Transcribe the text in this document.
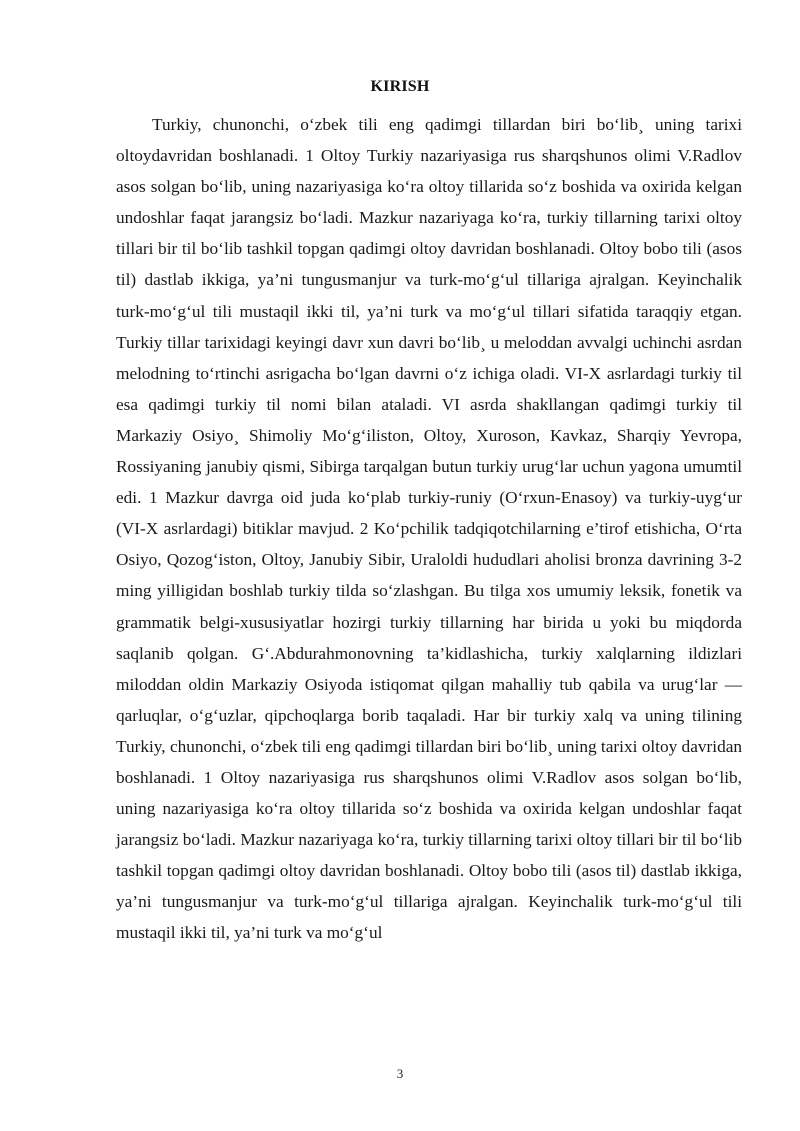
KIRISH

Turkiy, chunonchi, o‘zbek tili eng qadimgi tillardan biri bo‘lib¸ uning tarixi oltoydavridan boshlanadi. 1 Oltoy Turkiy nazariyasiga rus sharqshunos olimi V.Radlov asos solgan bo‘lib, uning nazariyasiga ko‘ra oltoy tillarida so‘z boshida va oxirida kelgan undoshlar faqat jarangsiz bo‘ladi. Mazkur nazariyaga ko‘ra, turkiy tillarning tarixi oltoy tillari bir til bo‘lib tashkil topgan qadimgi oltoy davridan boshlanadi. Oltoy bobo tili (asos til) dastlab ikkiga, ya’ni tungusmanjur va turk-mo‘g‘ul tillariga ajralgan. Keyinchalik turk-mo‘g‘ul tili mustaqil ikki til, ya’ni turk va mo‘g‘ul tillari sifatida taraqqiy etgan. Turkiy tillar tarixidagi keyingi davr xun davri bo‘lib¸ u meloddan avvalgi uchinchi asrdan melodning to‘rtinchi asrigacha bo‘lgan davrni o‘z ichiga oladi. VI-X asrlardagi turkiy til esa qadimgi turkiy til nomi bilan ataladi. VI asrda shakllangan qadimgi turkiy til Markaziy Osiyo¸ Shimoliy Mo‘g‘iliston, Oltoy, Xuroson, Kavkaz, Sharqiy Yevropa, Rossiyaning janubiy qismi, Sibirga tarqalgan butun turkiy urug‘lar uchun yagona umumtil edi. 1 Mazkur davrga oid juda ko‘plab turkiy-runiy (O‘rxun-Enasoy) va turkiy-uyg‘ur (VI-X asrlardagi) bitiklar mavjud. 2 Ko‘pchilik tadqiqotchilarning e’tirof etishicha, O‘rta Osiyo, Qozog‘iston, Oltoy, Janubiy Sibir, Uraloldi hududlari aholisi bronza davrining 3-2 ming yilligidan boshlab turkiy tilda so‘zlashgan. Bu tilga xos umumiy leksik, fonetik va grammatik belgi-xususiyatlar hozirgi turkiy tillarning har birida u yoki bu miqdorda saqlanib qolgan. G‘.Abdurahmonovning ta’kidlashicha, turkiy xalqlarning ildizlari miloddan oldin Markaziy Osiyoda istiqomat qilgan mahalliy tub qabila va urug‘lar — qarluqlar, o‘g‘uzlar, qipchoqlarga borib taqaladi. Har bir turkiy xalq va uning tilining Turkiy, chunonchi, o‘zbek tili eng qadimgi tillardan biri bo‘lib¸ uning tarixi oltoy davridan boshlanadi. 1 Oltoy nazariyasiga rus sharqshunos olimi V.Radlov asos solgan bo‘lib, uning nazariyasiga ko‘ra oltoy tillarida so‘z boshida va oxirida kelgan undoshlar faqat jarangsiz bo‘ladi. Mazkur nazariyaga ko‘ra, turkiy tillarning tarixi oltoy tillari bir til bo‘lib tashkil topgan qadimgi oltoy davridan boshlanadi. Oltoy bobo tili (asos til) dastlab ikkiga, ya’ni tungusmanjur va turk-mo‘g‘ul tillariga ajralgan. Keyinchalik turk-mo‘g‘ul tili mustaqil ikki til, ya’ni turk va mo‘g‘ul

3
